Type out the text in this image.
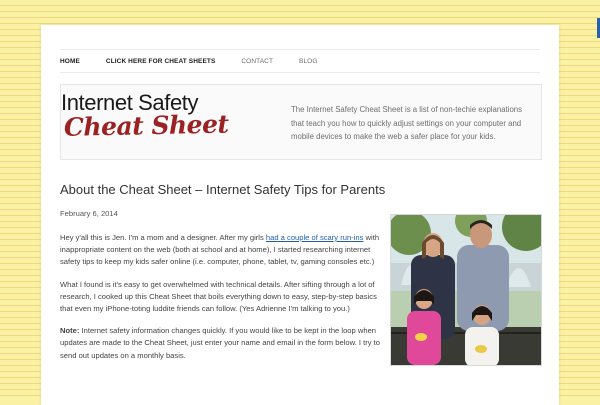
HOME	CLICK HERE FOR CHEAT SHEETS	CONTACT	BLOG
Internet Safety
Cheat Sheet	The Internet Safety Cheat Sheet is a list of non-techie explanations that teach you how to quickly adjust settings on your computer and mobile devices to make the web a safer place for your kids.
About the Cheat Sheet – Internet Safety Tips for Parents
February 6, 2014

Hey y'all this is Jen. I'm a mom and a designer. After my girls had a couple of scary run-ins with inappropriate content on the web (both at school and at home), I started researching internet safety tips to keep my kids safer online (i.e. computer, phone, tablet, tv, gaming consoles etc.)

What I found is it's easy to get overwhelmed with technical details. After sifting through a lot of research, I cooked up this Cheat Sheet that boils everything down to easy, step-by-step basics that even my iPhone-toting luddite friends can follow. (Yes Adrienne I'm talking to you.)

Note: Internet safety information changes quickly. If you would like to be kept in the loop when updates are made to the Cheat Sheet, just enter your name and email in the form below. I try to send out updates on a monthly basis.
